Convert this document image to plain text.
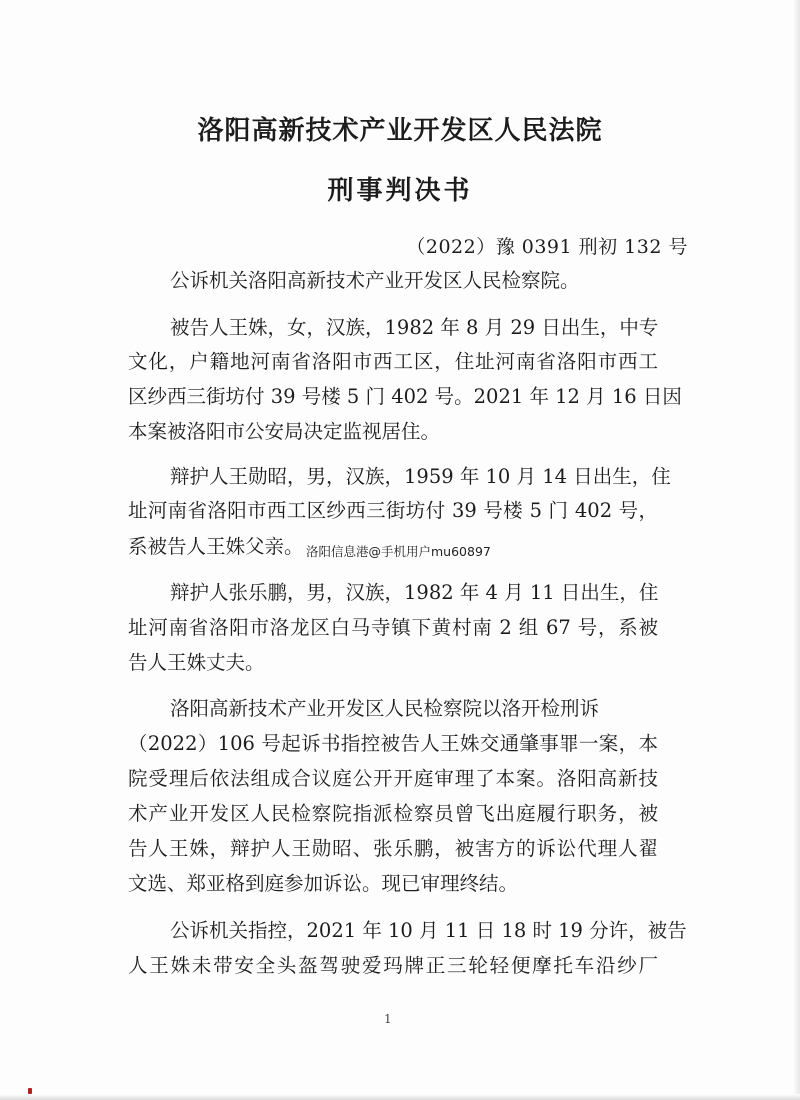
洛阳高新技术产业开发区人民法院
刑事判决书
（2022）豫 0391 刑初 132 号
公诉机关洛阳高新技术产业开发区人民检察院。
被告人王姝，女，汉族，1982 年 8 月 29 日出生，中专
文化，户籍地河南省洛阳市西工区，住址河南省洛阳市西工
区纱西三街坊付 39 号楼 5 门 402 号。2021 年 12 月 16 日因
本案被洛阳市公安局决定监视居住。
辩护人王勋昭，男，汉族，1959 年 10 月 14 日出生，住
址河南省洛阳市西工区纱西三街坊付 39 号楼 5 门 402 号，
系被告人王姝父亲。 洛阳信息港@手机用户mu60897
辩护人张乐鹏，男，汉族，1982 年 4 月 11 日出生，住
址河南省洛阳市洛龙区白马寺镇下黄村南 2 组 67 号，系被
告人王姝丈夫。
洛阳高新技术产业开发区人民检察院以洛开检刑诉
（2022）106 号起诉书指控被告人王姝交通肇事罪一案，本
院受理后依法组成合议庭公开开庭审理了本案。洛阳高新技
术产业开发区人民检察院指派检察员曾飞出庭履行职务，被
告人王姝，辩护人王勋昭、张乐鹏，被害方的诉讼代理人翟
文选、郑亚格到庭参加诉讼。现已审理终结。
公诉机关指控，2021 年 10 月 11 日 18 时 19 分许，被告
人王姝未带安全头盔驾驶爱玛牌正三轮轻便摩托车沿纱厂
1
